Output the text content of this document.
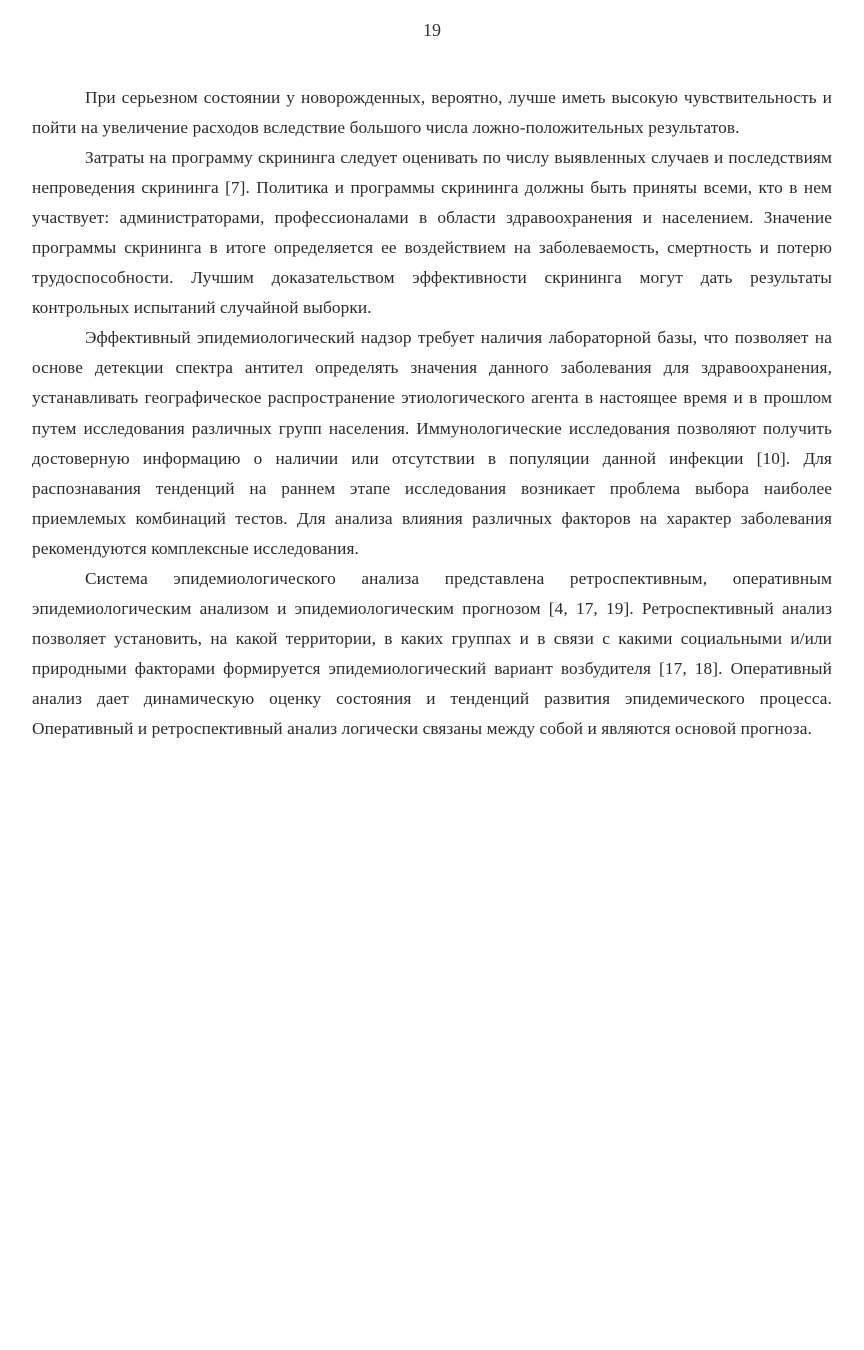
19

При серьезном состоянии у новорожденных, вероятно, лучше иметь высокую чувствительность и пойти на увеличение расходов вследствие большого числа ложно-положительных результатов.

Затраты на программу скрининга следует оценивать по числу выявленных случаев и последствиям непроведения скрининга [7]. Политика и программы скрининга должны быть приняты всеми, кто в нем участвует: администраторами, профессионалами в области здравоохранения и населением. Значение программы скрининга в итоге определяется ее воздействием на заболеваемость, смертность и потерю трудоспособности. Лучшим доказательством эффективности скрининга могут дать результаты контрольных испытаний случайной выборки.

Эффективный эпидемиологический надзор требует наличия лабораторной базы, что позволяет на основе детекции спектра антител определять значения данного заболевания для здравоохранения, устанавливать географическое распространение этиологического агента в настоящее время и в прошлом путем исследования различных групп населения. Иммунологические исследования позволяют получить достоверную информацию о наличии или отсутствии в популяции данной инфекции [10]. Для распознавания тенденций на раннем этапе исследования возникает проблема выбора наиболее приемлемых комбинаций тестов. Для анализа влияния различных факторов на характер заболевания рекомендуются комплексные исследования.

Система эпидемиологического анализа представлена ретроспективным, оперативным эпидемиологическим анализом и эпидемиологическим прогнозом [4, 17, 19]. Ретроспективный анализ позволяет установить, на какой территории, в каких группах и в связи с какими социальными и/или природными факторами формируется эпидемиологический вариант возбудителя [17, 18]. Оперативный анализ дает динамическую оценку состояния и тенденций развития эпидемического процесса. Оперативный и ретроспективный анализ логически связаны между собой и являются основой прогноза.
